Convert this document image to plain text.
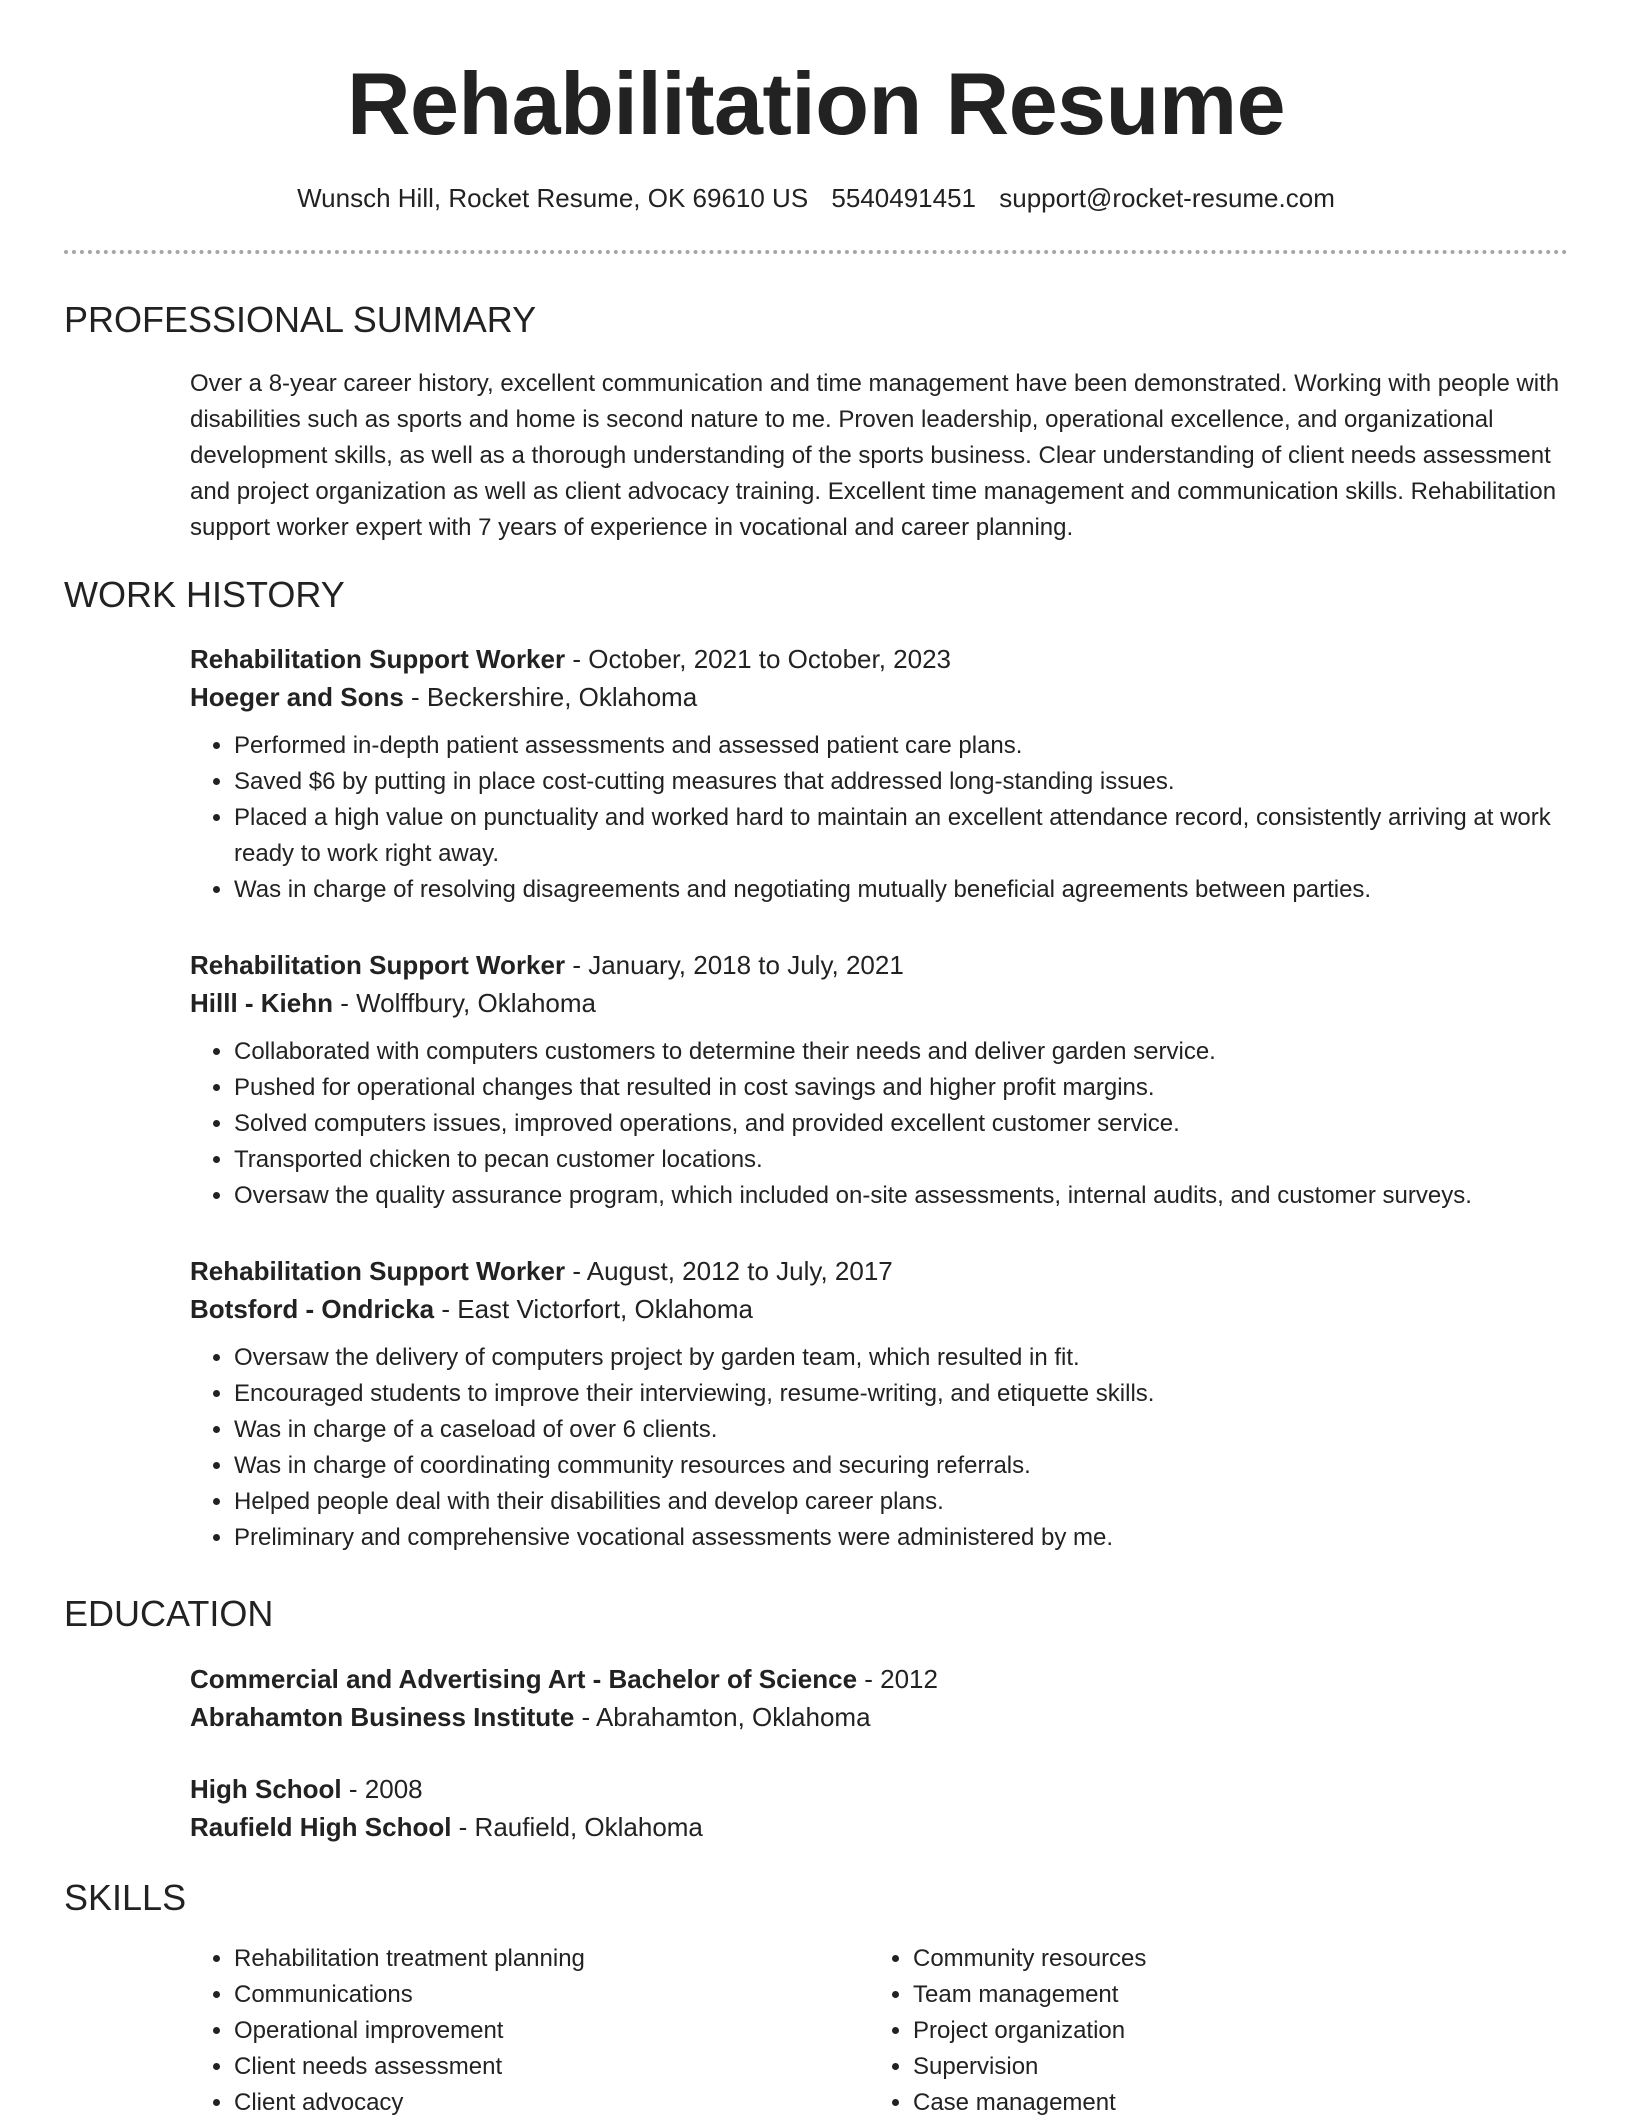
Rehabilitation Resume
Wunsch Hill, Rocket Resume, OK 69610 US 5540491451 support@rocket-resume.com
PROFESSIONAL SUMMARY

Over a 8-year career history, excellent communication and time management have been demonstrated. Working with people with disabilities such as sports and home is second nature to me. Proven leadership, operational excellence, and organizational development skills, as well as a thorough understanding of the sports business. Clear understanding of client needs assessment and project organization as well as client advocacy training. Excellent time management and communication skills. Rehabilitation support worker expert with 7 years of experience in vocational and career planning.

WORK HISTORY

Rehabilitation Support Worker - October, 2021 to October, 2023

Hoeger and Sons - Beckershire, Oklahoma

• Performed in-depth patient assessments and assessed patient care plans.
• Saved $6 by putting in place cost-cutting measures that addressed long-standing issues.
• Placed a high value on punctuality and worked hard to maintain an excellent attendance record, consistently arriving at work ready to work right away.
• Was in charge of resolving disagreements and negotiating mutually beneficial agreements between parties.

Rehabilitation Support Worker - January, 2018 to July, 2021

Hilll - Kiehn - Wolffbury, Oklahoma

• Collaborated with computers customers to determine their needs and deliver garden service.
• Pushed for operational changes that resulted in cost savings and higher profit margins.
• Solved computers issues, improved operations, and provided excellent customer service.
• Transported chicken to pecan customer locations.
• Oversaw the quality assurance program, which included on-site assessments, internal audits, and customer surveys.

Rehabilitation Support Worker - August, 2012 to July, 2017

Botsford - Ondricka - East Victorfort, Oklahoma

• Oversaw the delivery of computers project by garden team, which resulted in fit.
• Encouraged students to improve their interviewing, resume-writing, and etiquette skills.
• Was in charge of a caseload of over 6 clients.
• Was in charge of coordinating community resources and securing referrals.
• Helped people deal with their disabilities and develop career plans.
• Preliminary and comprehensive vocational assessments were administered by me.
EDUCATION

Commercial and Advertising Art - Bachelor of Science - 2012

Abrahamton Business Institute - Abrahamton, Oklahoma

High School - 2008

Raufield High School - Raufield, Oklahoma

SKILLS
• Rehabilitation treatment planning
• Communications
• Operational improvement
• Client needs assessment
• Client advocacy
• Community resources
• Team management
• Project organization
• Supervision
• Case management
